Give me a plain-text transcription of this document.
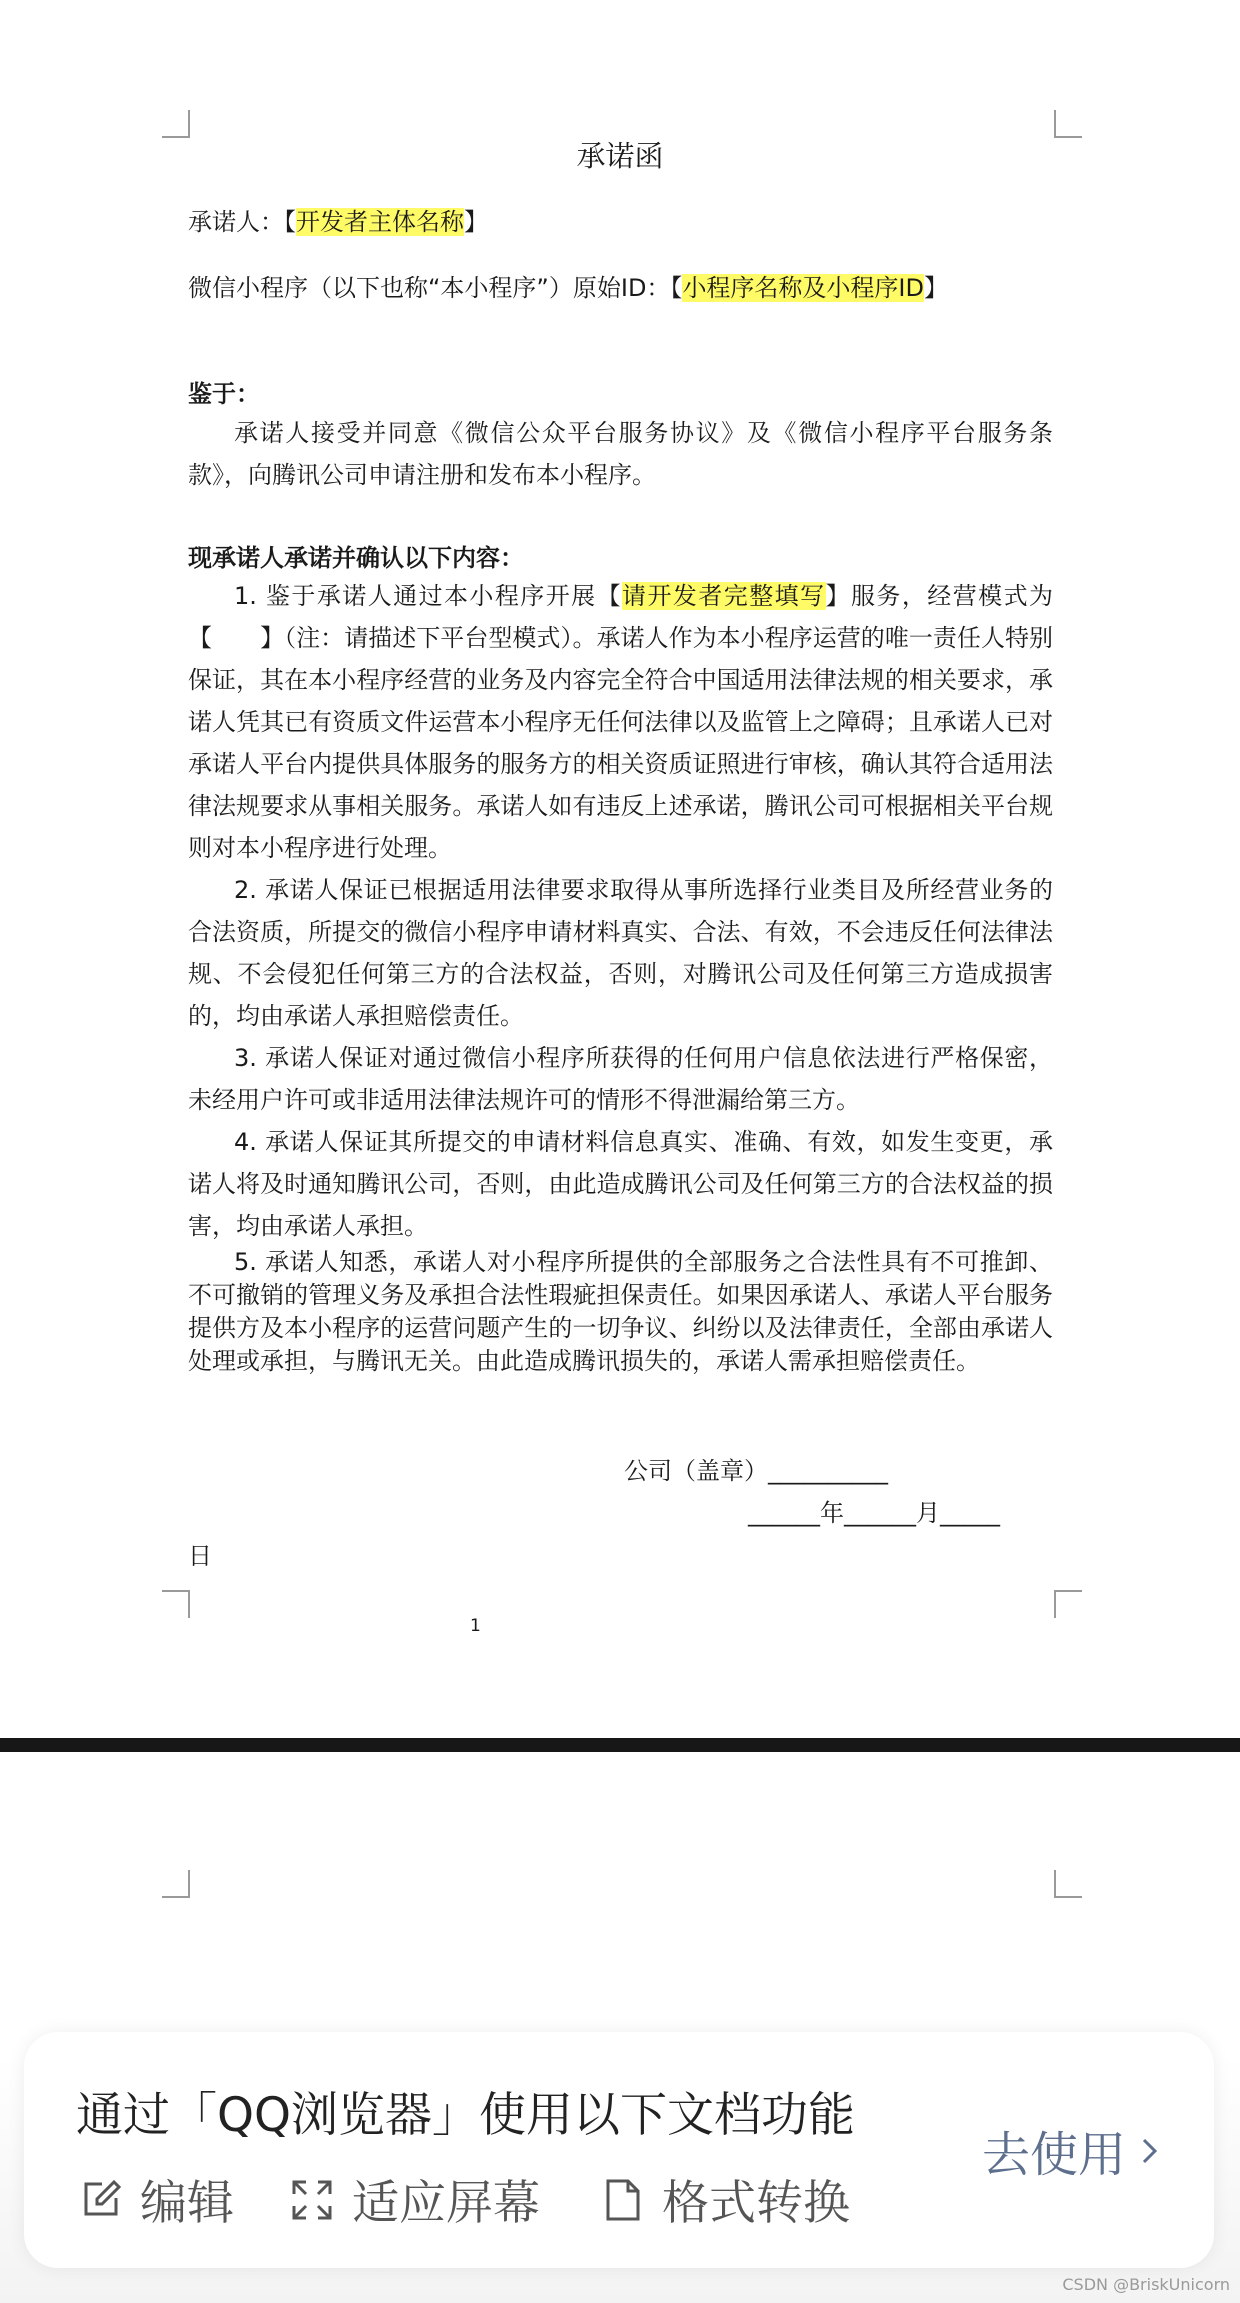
承诺函
承诺人：【开发者主体名称】
微信小程序（以下也称“本小程序”）原始ID：【小程序名称及小程序ID】
鉴于：
承诺人接受并同意《微信公众平台服务协议》及《微信小程序平台服务条款》，向腾讯公司申请注册和发布本小程序。
现承诺人承诺并确认以下内容：
1. 鉴于承诺人通过本小程序开展【请开发者完整填写】服务，经营模式为【　　】（注：请描述下平台型模式）。承诺人作为本小程序运营的唯一责任人特别保证，其在本小程序经营的业务及内容完全符合中国适用法律法规的相关要求，承诺人凭其已有资质文件运营本小程序无任何法律以及监管上之障碍；且承诺人已对承诺人平台内提供具体服务的服务方的相关资质证照进行审核，确认其符合适用法律法规要求从事相关服务。承诺人如有违反上述承诺，腾讯公司可根据相关平台规则对本小程序进行处理。
2. 承诺人保证已根据适用法律要求取得从事所选择行业类目及所经营业务的合法资质，所提交的微信小程序申请材料真实、合法、有效，不会违反任何法律法规、不会侵犯任何第三方的合法权益，否则，对腾讯公司及任何第三方造成损害的，均由承诺人承担赔偿责任。
3. 承诺人保证对通过微信小程序所获得的任何用户信息依法进行严格保密，未经用户许可或非适用法律法规许可的情形不得泄漏给第三方。
4. 承诺人保证其所提交的申请材料信息真实、准确、有效，如发生变更，承诺人将及时通知腾讯公司，否则，由此造成腾讯公司及任何第三方的合法权益的损害，均由承诺人承担。
5. 承诺人知悉，承诺人对小程序所提供的全部服务之合法性具有不可推卸、不可撤销的管理义务及承担合法性瑕疵担保责任。如果因承诺人、承诺人平台服务提供方及本小程序的运营问题产生的一切争议、纠纷以及法律责任，全部由承诺人处理或承担，与腾讯无关。由此造成腾讯损失的，承诺人需承担赔偿责任。
公司（盖章）__________
______年______月_____
日
1
通过「QQ浏览器」使用以下文档功能
编辑	适应屏幕	格式转换
去使用
CSDN @BriskUnicorn
